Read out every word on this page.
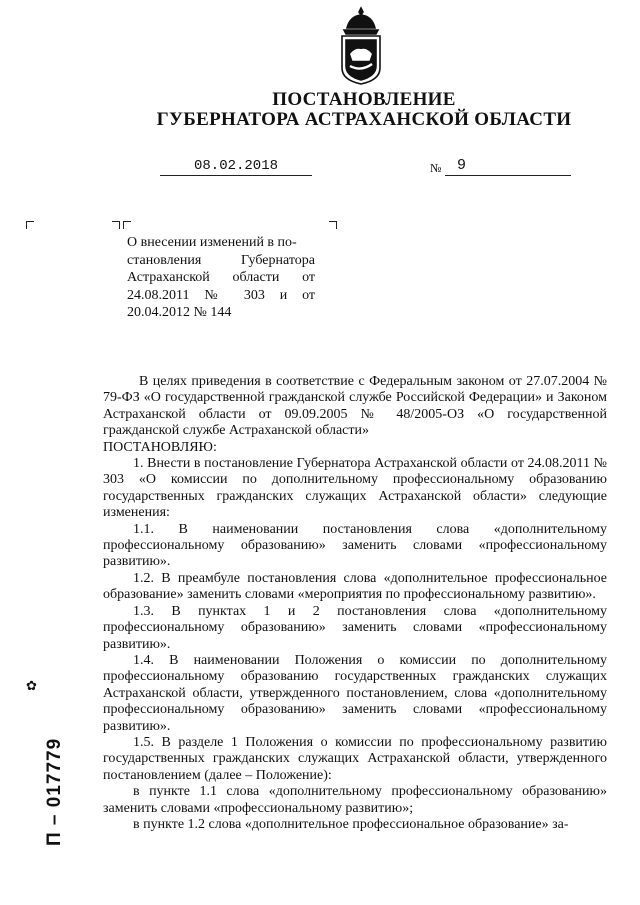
ПОСТАНОВЛЕНИЕ
ГУБЕРНАТОРА АСТРАХАНСКОЙ ОБЛАСТИ
08.02.2018	№	9
О внесении изменений в по-
становления Губернатора
Астраханской области от
24.08.2011 № 303 и от
20.04.2012 № 144

В целях приведения в соответствие с Федеральным законом от 27.07.2004 № 79-ФЗ «О государственной гражданской службе Российской Федерации» и Законом Астраханской области от 09.09.2005 № 48/2005-ОЗ «О государственной гражданской службе Астраханской области»

ПОСТАНОВЛЯЮ:

1. Внести в постановление Губернатора Астраханской области от 24.08.2011 № 303 «О комиссии по дополнительному профессиональному образованию государственных гражданских служащих Астраханской области» следующие изменения:

1.1. В наименовании постановления слова «дополнительному профессиональному образованию» заменить словами «профессиональному развитию».

1.2. В преамбуле постановления слова «дополнительное профессиональное образование» заменить словами «мероприятия по профессиональному развитию».

1.3. В пунктах 1 и 2 постановления слова «дополнительному профессиональному образованию» заменить словами «профессиональному развитию».

1.4. В наименовании Положения о комиссии по дополнительному профессиональному образованию государственных гражданских служащих Астраханской области, утвержденного постановлением, слова «дополнительному профессиональному образованию» заменить словами «профессиональному развитию».

1.5. В разделе 1 Положения о комиссии по профессиональному развитию государственных гражданских служащих Астраханской области, утвержденного постановлением (далее – Положение):

в пункте 1.1 слова «дополнительному профессиональному образованию» заменить словами «профессиональному развитию»;

в пункте 1.2 слова «дополнительное профессиональное образование» за-

✿
П – 017779
